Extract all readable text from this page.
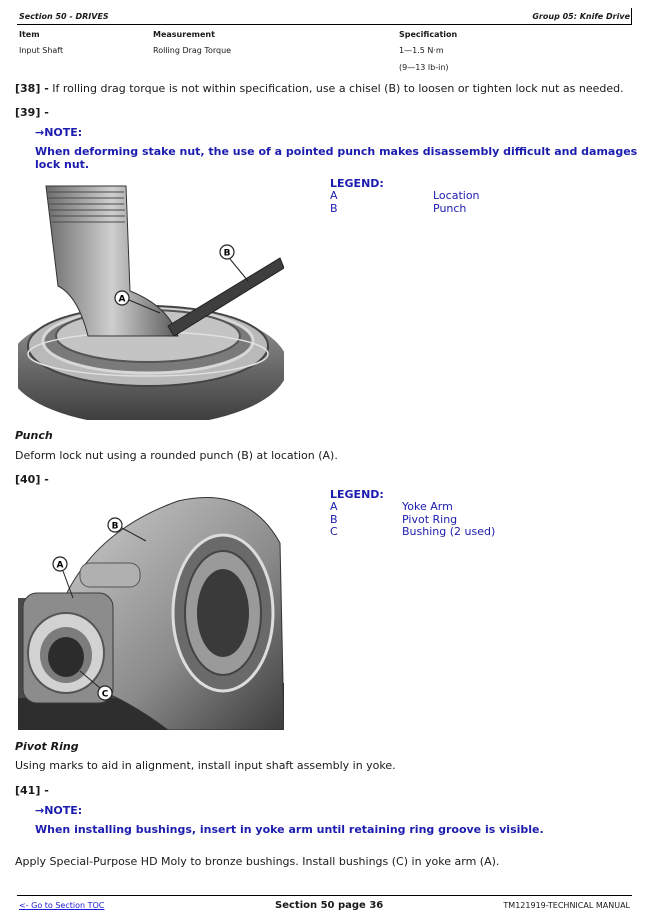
Section 50 - DRIVES	Group 05: Knife Drive
Item	Measurement	Specification
Input Shaft	Rolling Drag Torque	1—1.5 N·m
(9—13 lb-in)
[38] - If rolling drag torque is not within specification, use a chisel (B) to loosen or tighten lock nut as needed.
[39] -
→NOTE:
When deforming stake nut, the use of a pointed punch makes disassembly difficult and damages lock nut.
B
A
LEGEND:
A	Location
B	Punch
Punch
Deform lock nut using a rounded punch (B) at location (A).
[40] -
B
A
C
LEGEND:
A	Yoke Arm
B	Pivot Ring
C	Bushing (2 used)
Pivot Ring
Using marks to aid in alignment, install input shaft assembly in yoke.
[41] -
→NOTE:
When installing bushings, insert in yoke arm until retaining ring groove is visible.
Apply Special-Purpose HD Moly to bronze bushings. Install bushings (C) in yoke arm (A).
<- Go to Section TOC	Section 50 page 36	TM121919-TECHNICAL MANUAL
